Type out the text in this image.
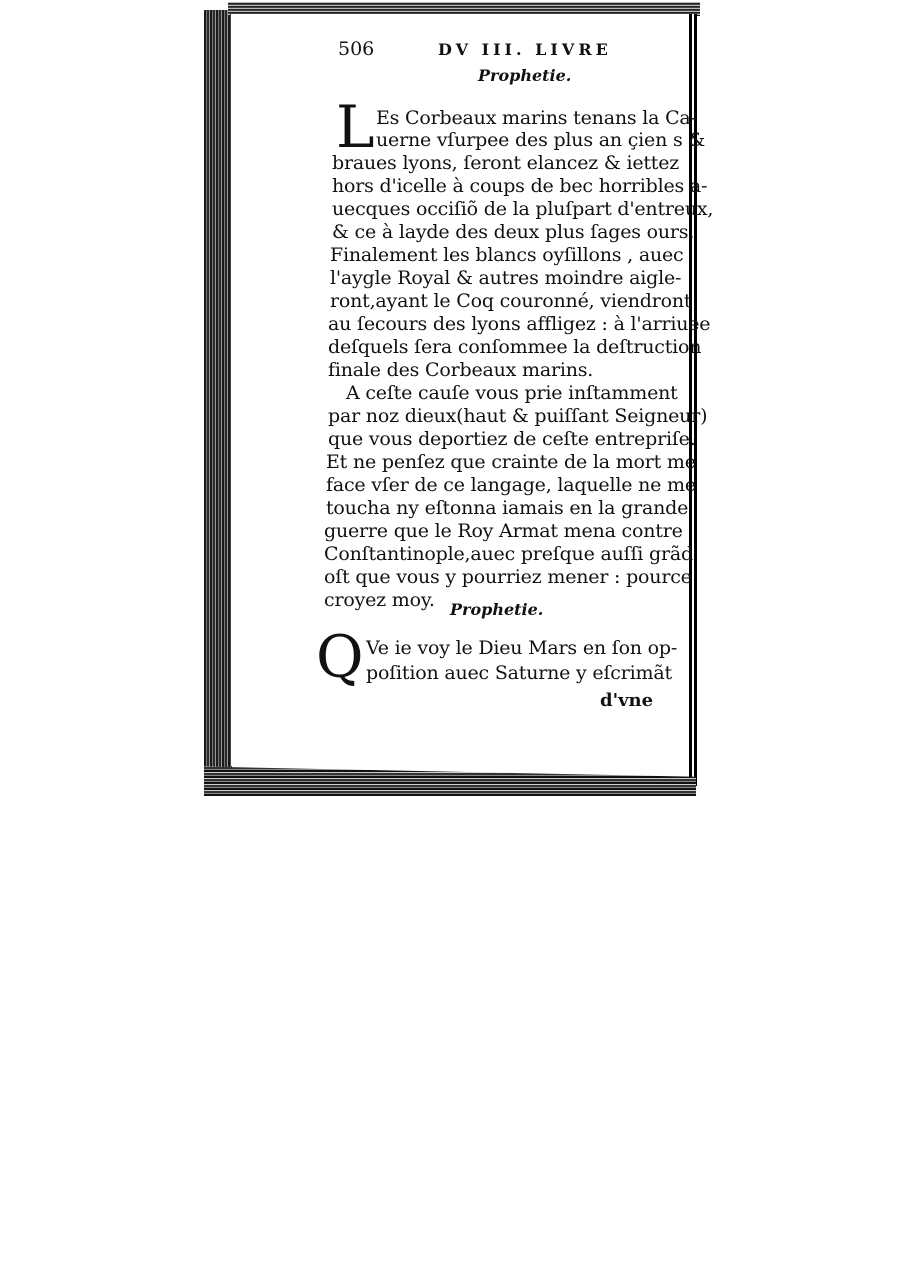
506	DV III. LIVRE
Prophetie.
L Es Corbeaux marins tenans la Ca-
uerne vſurpee des plus an çien s &
braues lyons, ſeront elancez & iettez
hors d'icelle à coups de bec horribles a-
uecques occiſiõ de la pluſpart d'entreux,
& ce à layde des deux plus ſages ours.
Finalement les blancs oyſillons , auec
l'aygle Royal & autres moindre aigle-
ront,ayant le Coq couronné, viendront
au ſecours des lyons affligez : à l'arriuee
deſquels ſera conſommee la deſtruction
finale des Corbeaux marins.
A ceſte cauſe vous prie inſtamment
par noz dieux(haut & puiſſant Seigneur)
que vous deportiez de ceſte entrepriſe.
Et ne penſez que crainte de la mort me
face vſer de ce langage, laquelle ne me
toucha ny eſtonna iamais en la grande
guerre que le Roy Armat mena contre
Conſtantinople,auec preſque auſſi grãd
oſt que vous y pourriez mener : pource
croyez moy. Prophetie.
Q Ve ie voy le Dieu Mars en ſon op-
poſition auec Saturne y eſcrimãt
d'vne
